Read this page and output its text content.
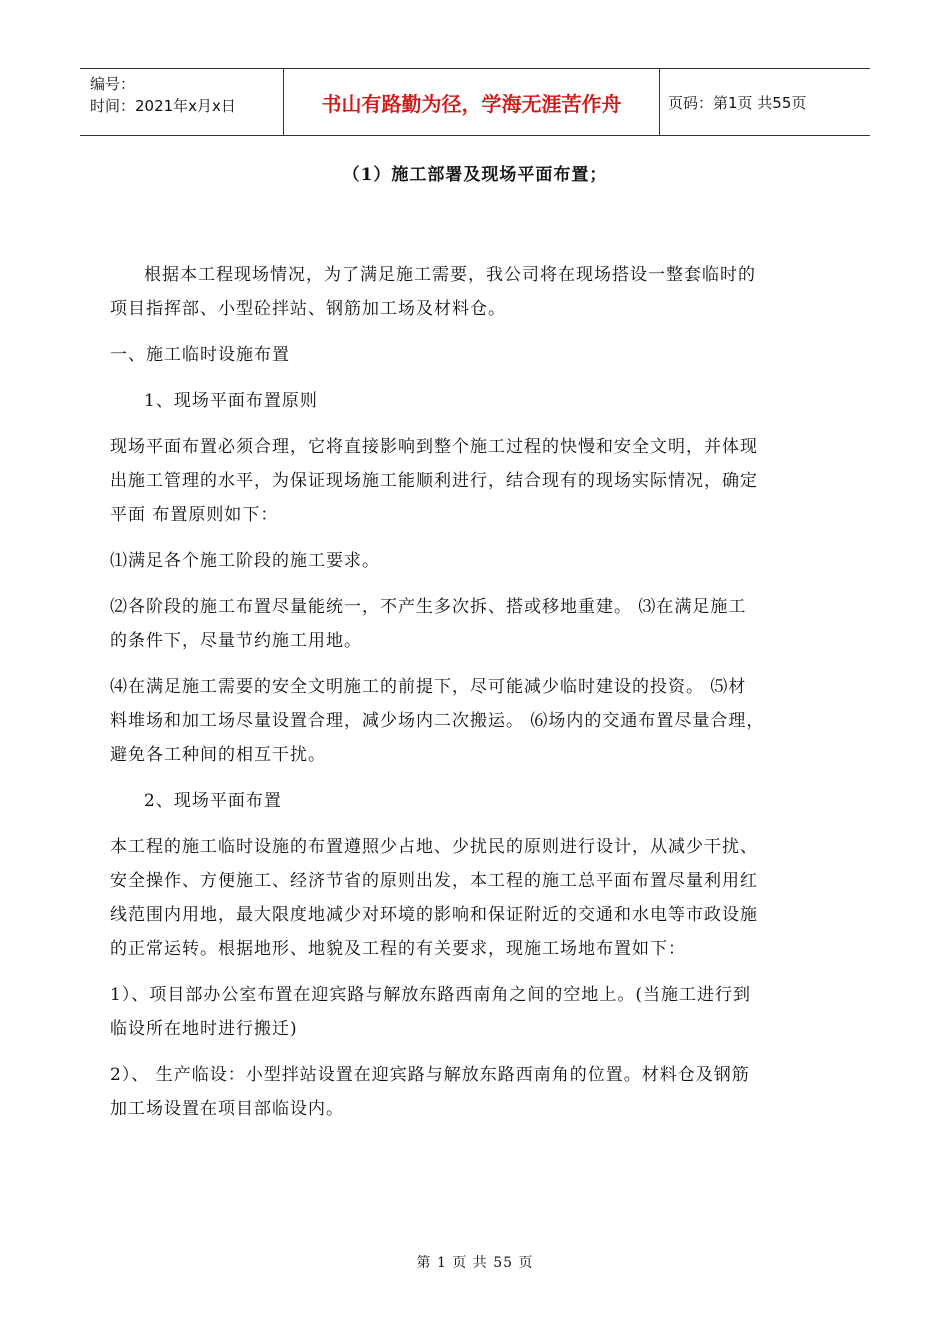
编号：
时间：2021年x月x日	书山有路勤为径，学海无涯苦作舟	页码：第1页 共55页
（1）施工部署及现场平面布置；

根据本工程现场情况，为了满足施工需要，我公司将在现场搭设一整套临时的

项目指挥部、小型砼拌站、钢筋加工场及材料仓。

一、施工临时设施布置

1、现场平面布置原则

现场平面布置必须合理，它将直接影响到整个施工过程的快慢和安全文明，并体现

出施工管理的水平，为保证现场施工能顺利进行，结合现有的现场实际情况，确定

平面 布置原则如下：

⑴满足各个施工阶段的施工要求。

⑵各阶段的施工布置尽量能统一，不产生多次拆、搭或移地重建。 ⑶在满足施工

的条件下，尽量节约施工用地。

⑷在满足施工需要的安全文明施工的前提下，尽可能减少临时建设的投资。 ⑸材

料堆场和加工场尽量设置合理，减少场内二次搬运。 ⑹场内的交通布置尽量合理，

避免各工种间的相互干扰。

2、现场平面布置

本工程的施工临时设施的布置遵照少占地、少扰民的原则进行设计，从减少干扰、

安全操作、方便施工、经济节省的原则出发，本工程的施工总平面布置尽量利用红

线范围内用地，最大限度地减少对环境的影响和保证附近的交通和水电等市政设施

的正常运转。根据地形、地貌及工程的有关要求，现施工场地布置如下：

1）、项目部办公室布置在迎宾路与解放东路西南角之间的空地上。(当施工进行到

临设所在地时进行搬迁)

2）、 生产临设：小型拌站设置在迎宾路与解放东路西南角的位置。材料仓及钢筋

加工场设置在项目部临设内。

第 1 页 共 55 页
